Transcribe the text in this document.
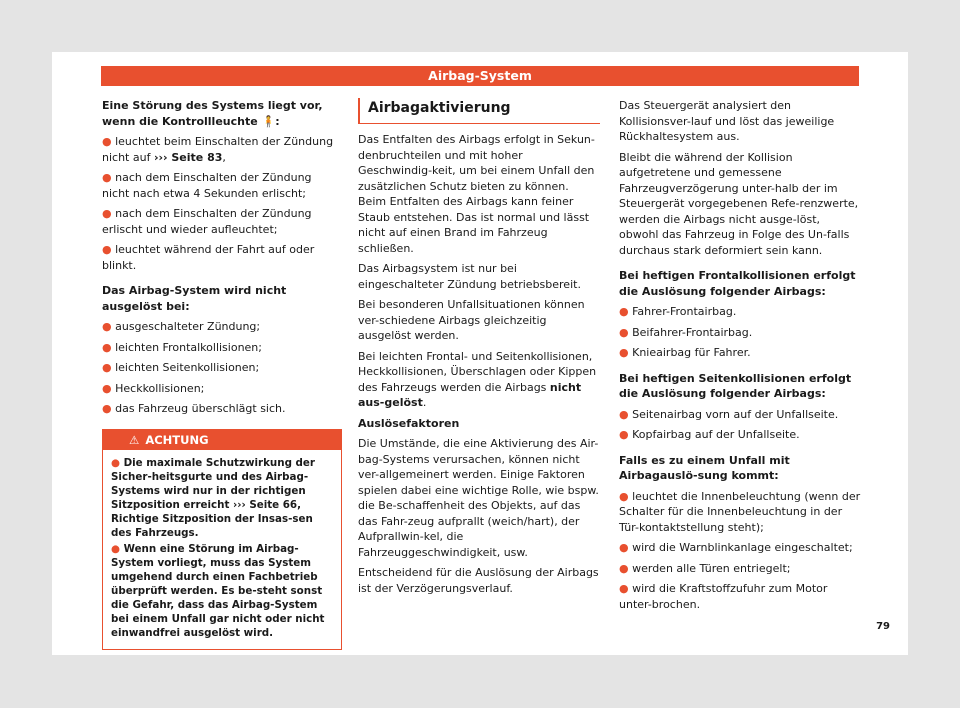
Airbag-System

Eine Störung des Systems liegt vor, wenn die Kontrollleuchte 🧍:

● leuchtet beim Einschalten der Zündung nicht auf ››› Seite 83,
● nach dem Einschalten der Zündung nicht nach etwa 4 Sekunden erlischt;
● nach dem Einschalten der Zündung erlischt und wieder aufleuchtet;
● leuchtet während der Fahrt auf oder blinkt.

Das Airbag-System wird nicht ausgelöst bei:

● ausgeschalteter Zündung;
● leichten Frontalkollisionen;
● leichten Seitenkollisionen;
● Heckkollisionen;
● das Fahrzeug überschlägt sich.
⚠ ACHTUNG

● Die maximale Schutzwirkung der Sicher-heitsgurte und des Airbag-Systems wird nur in der richtigen Sitzposition erreicht ››› Seite 66, Richtige Sitzposition der Insas-sen des Fahrzeugs.

● Wenn eine Störung im Airbag-System vorliegt, muss das System umgehend durch einen Fachbetrieb überprüft werden. Es be-steht sonst die Gefahr, dass das Airbag-System bei einem Unfall gar nicht oder nicht einwandfrei ausgelöst wird.

Airbagaktivierung

Das Entfalten des Airbags erfolgt in Sekun-denbruchteilen und mit hoher Geschwindig-keit, um bei einem Unfall den zusätzlichen Schutz bieten zu können. Beim Entfalten des Airbags kann feiner Staub entstehen. Das ist normal und lässt nicht auf einen Brand im Fahrzeug schließen.

Das Airbagsystem ist nur bei eingeschalteter Zündung betriebsbereit.

Bei besonderen Unfallsituationen können ver-schiedene Airbags gleichzeitig ausgelöst werden.

Bei leichten Frontal- und Seitenkollisionen, Heckkollisionen, Überschlagen oder Kippen des Fahrzeugs werden die Airbags nicht aus-gelöst.

Auslösefaktoren

Die Umstände, die eine Aktivierung des Air-bag-Systems verursachen, können nicht ver-allgemeinert werden. Einige Faktoren spielen dabei eine wichtige Rolle, wie bspw. die Be-schaffenheit des Objekts, auf das das Fahr-zeug aufprallt (weich/hart), der Aufprallwin-kel, die Fahrzeuggeschwindigkeit, usw.

Entscheidend für die Auslösung der Airbags ist der Verzögerungsverlauf.

Das Steuergerät analysiert den Kollisionsver-lauf und löst das jeweilige Rückhaltesystem aus.

Bleibt die während der Kollision aufgetretene und gemessene Fahrzeugverzögerung unter-halb der im Steuergerät vorgegebenen Refe-renzwerte, werden die Airbags nicht ausge-löst, obwohl das Fahrzeug in Folge des Un-falls durchaus stark deformiert sein kann.

Bei heftigen Frontalkollisionen erfolgt die Auslösung folgender Airbags:

● Fahrer-Frontairbag.
● Beifahrer-Frontairbag.
● Knieairbag für Fahrer.

Bei heftigen Seitenkollisionen erfolgt die Auslösung folgender Airbags:

● Seitenairbag vorn auf der Unfallseite.
● Kopfairbag auf der Unfallseite.

Falls es zu einem Unfall mit Airbagauslö-sung kommt:

● leuchtet die Innenbeleuchtung (wenn der Schalter für die Innenbeleuchtung in der Tür-kontaktstellung steht);
● wird die Warnblinkanlage eingeschaltet;
● werden alle Türen entriegelt;
● wird die Kraftstoffzufuhr zum Motor unter-brochen.
79
